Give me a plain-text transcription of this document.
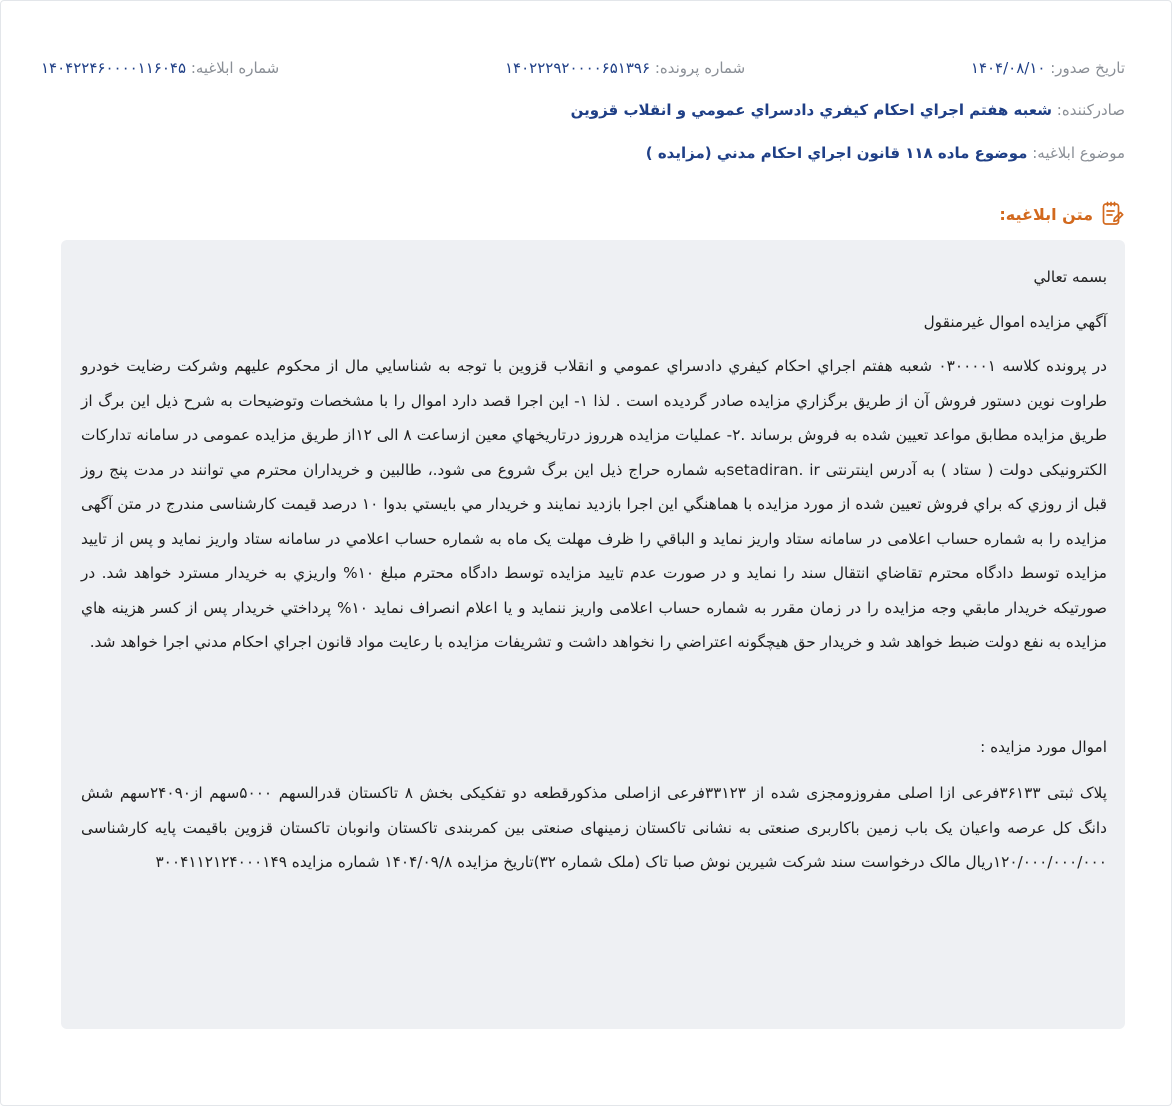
شماره ابلاغیه: ۱۴۰۴۲۲۴۶۰۰۰۰۱۱۶۰۴۵	شماره پرونده: ۱۴۰۲۲۲۹۲۰۰۰۰۶۵۱۳۹۶	تاریخ صدور: ۱۴۰۴/۰۸/۱۰
صادرکننده: شعبه هفتم اجراي احکام کيفري دادسراي عمومي و انقلاب قزوين
موضوع ابلاغیه: موضوع ماده ۱۱۸ قانون اجراي احکام مدني (مزايده )
متن ابلاغیه:

بسمه تعالي

آگهي مزايده اموال غيرمنقول

در پرونده کلاسه ۰۳۰۰۰۰۱ شعبه هفتم اجراي احکام کيفري دادسراي عمومي و انقلاب قزوين با توجه به شناسايي مال از محکوم عليهم وشرکت رضايت خودرو طراوت نوين دستور فروش آن از طريق برگزاري مزايده صادر گرديده است . لذا ۱- اين اجرا قصد دارد اموال را با مشخصات وتوضيحات به شرح ذيل اين برگ از طريق مزايده مطابق مواعد تعيين شده به فروش برساند .۲- عمليات مزايده هرروز درتاريخهاي معين ازساعت ۸ الی ۱۲از طریق مزایده عمومی در سامانه تداركات الكترونیكی دولت ( ستاد ) به آدرس اینترنتی setadiran. irبه شماره حراج ذیل این برگ شروع می شود.، طالبين و خريداران محترم مي توانند در مدت پنج روز قبل از روزي که براي فروش تعيين شده از مورد مزايده با هماهنگي اين اجرا بازديد نمايند و خريدار مي بايستي بدوا ۱۰ درصد قیمت کارشناسی مندرج در متن آگهی مزایده را به شماره حساب اعلامی در سامانه ستاد واریز نماید و الباقي را ظرف مهلت یک ماه به شماره حساب اعلامي در سامانه ستاد واریز نماید و پس از تایید مزایده توسط دادگاه محترم تقاضاي انتقال سند را نمايد و در صورت عدم تایید مزایده توسط دادگاه محترم مبلغ ۱۰% واریزي به خریدار مسترد خواهد شد. در صورتیکه خریدار مابقي وجه مزايده را در زمان مقرر به شماره حساب اعلامی واریز ننماید و يا اعلام انصراف نمايد ۱۰% پرداختي خريدار پس از کسر هزينه هاي مزايده به نفع دولت ضبط خواهد شد و خريدار حق هيچگونه اعتراضي را نخواهد داشت و تشريفات مزايده با رعايت مواد قانون اجراي احکام مدني اجرا خواهد شد.

اموال مورد مزايده :

پلاک ثبتی ۳۶۱۳۳فرعی ازا اصلی مفروزومجزی شده از ۳۳۱۲۳فرعی ازاصلی مذکورقطعه دو تفکیکی بخش ۸ تاکستان قدرالسهم ۵۰۰۰سهم از۲۴۰۹۰سهم شش دانگ کل عرصه واعیان یک باب زمین باکاربری صنعتی به نشانی تاکستان زمینهای صنعتی بین کمربندی تاکستان وانوبان تاکستان قزوین باقیمت پایه کارشناسی ۱۲۰/۰۰۰/۰۰۰/۰۰۰ریال مالک درخواست سند شرکت شیرین نوش صبا تاک (ملک شماره ۳۲)تاریخ مزایده ۱۴۰۴/۰۹/۸ شماره مزایده ۳۰۰۴۱۱۲۱۲۴۰۰۰۱۴۹
